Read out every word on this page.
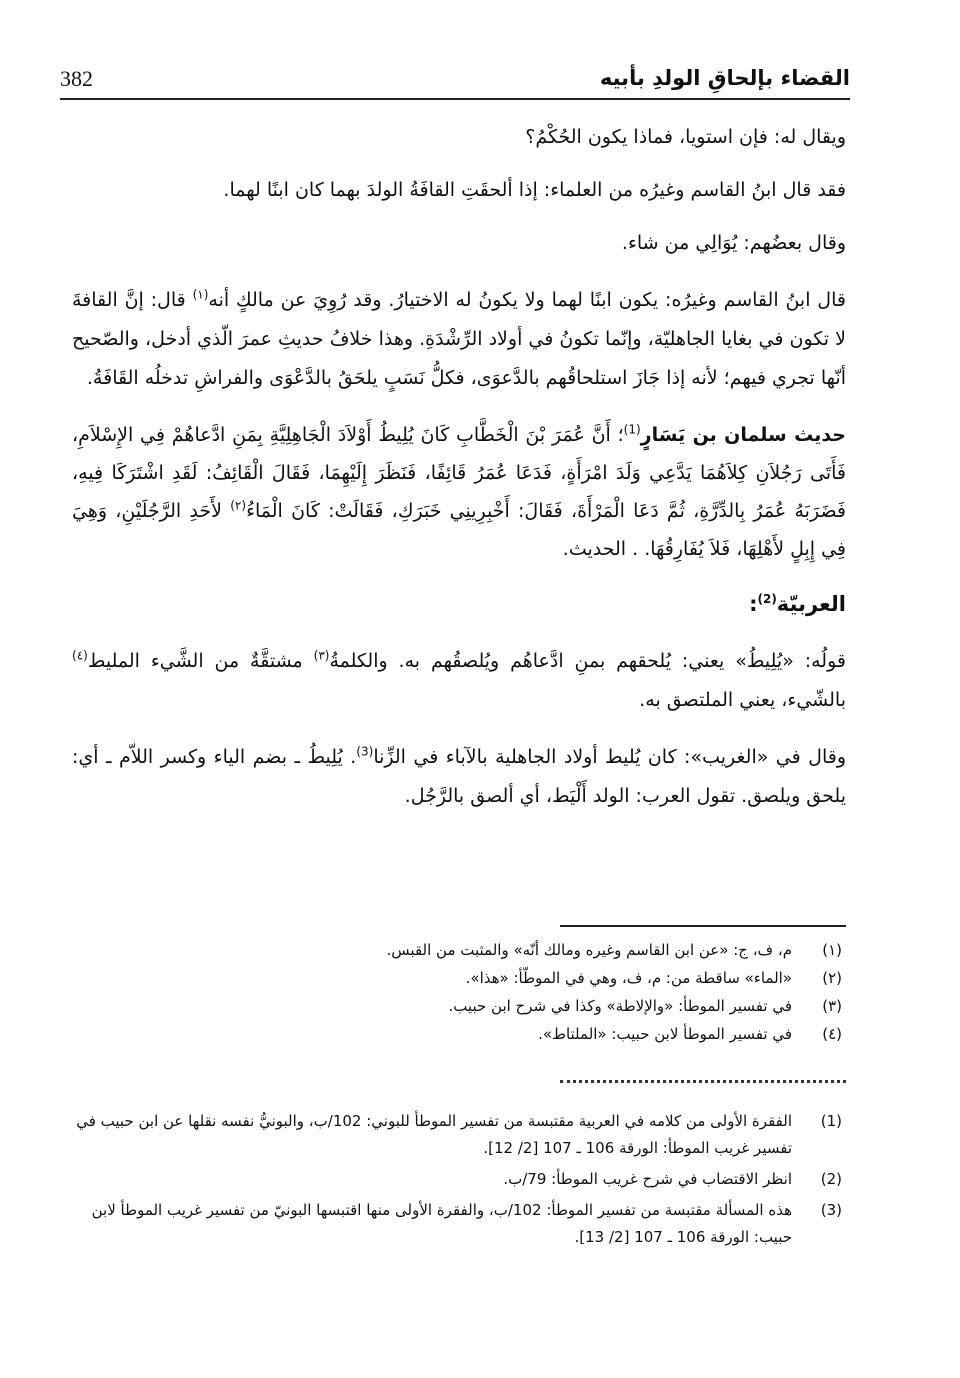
382	القضاء بإلحاقِ الولدِ بأبيه

ويقال له: فإن استويا، فماذا يكون الحُكْمُ؟

فقد قال ابنُ القاسم وغيرُه من العلماء: إذا ألحقَتِ القافَةُ الولدَ بهما كان ابنًا لهما.

وقال بعضُهم: يُوَالِي من شاء.

قال ابنُ القاسم وغيرُه: يكون ابنًا لهما ولا يكونُ له الاختيارُ. وقد رُوِيَ عن مالكٍ أنه$^{(١)}$ قال: إنَّ القافةَ لا تكون في بغايا الجاهليّة، وإنّما تكونُ في أولاد الرِّشْدَةِ. وهذا خلافُ حديثِ عمرَ الّذي أدخل، والصّحيح أنّها تجري فيهم؛ لأنه إذا جَازَ استلحاقُهم بالدَّعوَى، فكلُّ نَسَبٍ يلحَقُ بالدَّعْوَى والفراشِ تدخلُه القَافَةُ.

حديث سلمان بن يَسَارٍ$^{(1)}$؛ أَنَّ عُمَرَ بْنَ الْخَطَّابِ كَانَ يُلِيطُ أَوْلاَدَ الْجَاهِلِيَّةِ بِمَنِ ادَّعاهُمْ فِي الإِسْلاَمِ، فَأَتَى رَجُلاَنِ كِلاَهُمَا يَدَّعِي وَلَدَ امْرَأَةٍ، فَدَعَا عُمَرُ قَائِفًا، فَنَظَرَ إِلَيْهِمَا، فَقَالَ الْقَائِفُ: لَقَدِ اشْتَرَكَا فِيهِ، فَضَرَبَهُ عُمَرُ بِالدِّرَّةِ، ثُمَّ دَعَا الْمَرْأَةَ، فَقَالَ: أَخْبِرِينِي خَبَرَكِ، فَقَالَتْ: كَانَ الْمَاءُ$^{(٢)}$ لأَحَدِ الرَّجُلَيْنِ، وَهِيَ فِي إِبِلٍ لأَهْلِهَا، فَلاَ يُفَارِقُهَا. . الحديث.

العربيّة$^{(2)}$:

قولُه: «يُلِيطُ» يعني: يُلحقهم بمنِ ادَّعاهُم ويُلصقُهم به. والكلمةُ$^{(٣)}$ مشتقَّةٌ من الشَّيء المليط$^{(٤)}$ بالشّيء، يعني الملتصق به.

وقال في «الغريب»: كان يُليط أولاد الجاهلية بالآباء في الزِّنا$^{(3)}$. يُلِيطُ ـ بضم الياء وكسر اللاّم ـ أي: يلحق ويلصق. تقول العرب: الولد أَلْيَط، أي ألصق بالرَّجُل.

(١)
م، ف، ج: «عن ابن القاسم وغيره ومالك أنّه» والمثبت من القبس.

(٢)
«الماء» ساقطة من: م، ف، وهي في الموطّأ: «هذا».

(٣)
في تفسير الموطأ: «والإلاطة» وكذا في شرح ابن حبيب.

(٤)
في تفسير الموطأ لابن حبيب: «الملتاط».

(1)
الفقرة الأولى من كلامه في العربية مقتبسة من تفسير الموطأ للبوني: 102/ب، والبونيُّ نفسه نقلها عن ابن حبيب في تفسير غريب الموطأ: الورقة 106 ـ 107 [2/ 12].

(2)
انظر الاقتضاب في شرح غريب الموطأ: 79/ب.

(3)
هذه المسألة مقتبسة من تفسير الموطأ: 102/ب، والفقرة الأولى منها اقتبسها البونيّ من تفسير غريب الموطأ لابن حبيب: الورقة 106 ـ 107 [2/ 13].
